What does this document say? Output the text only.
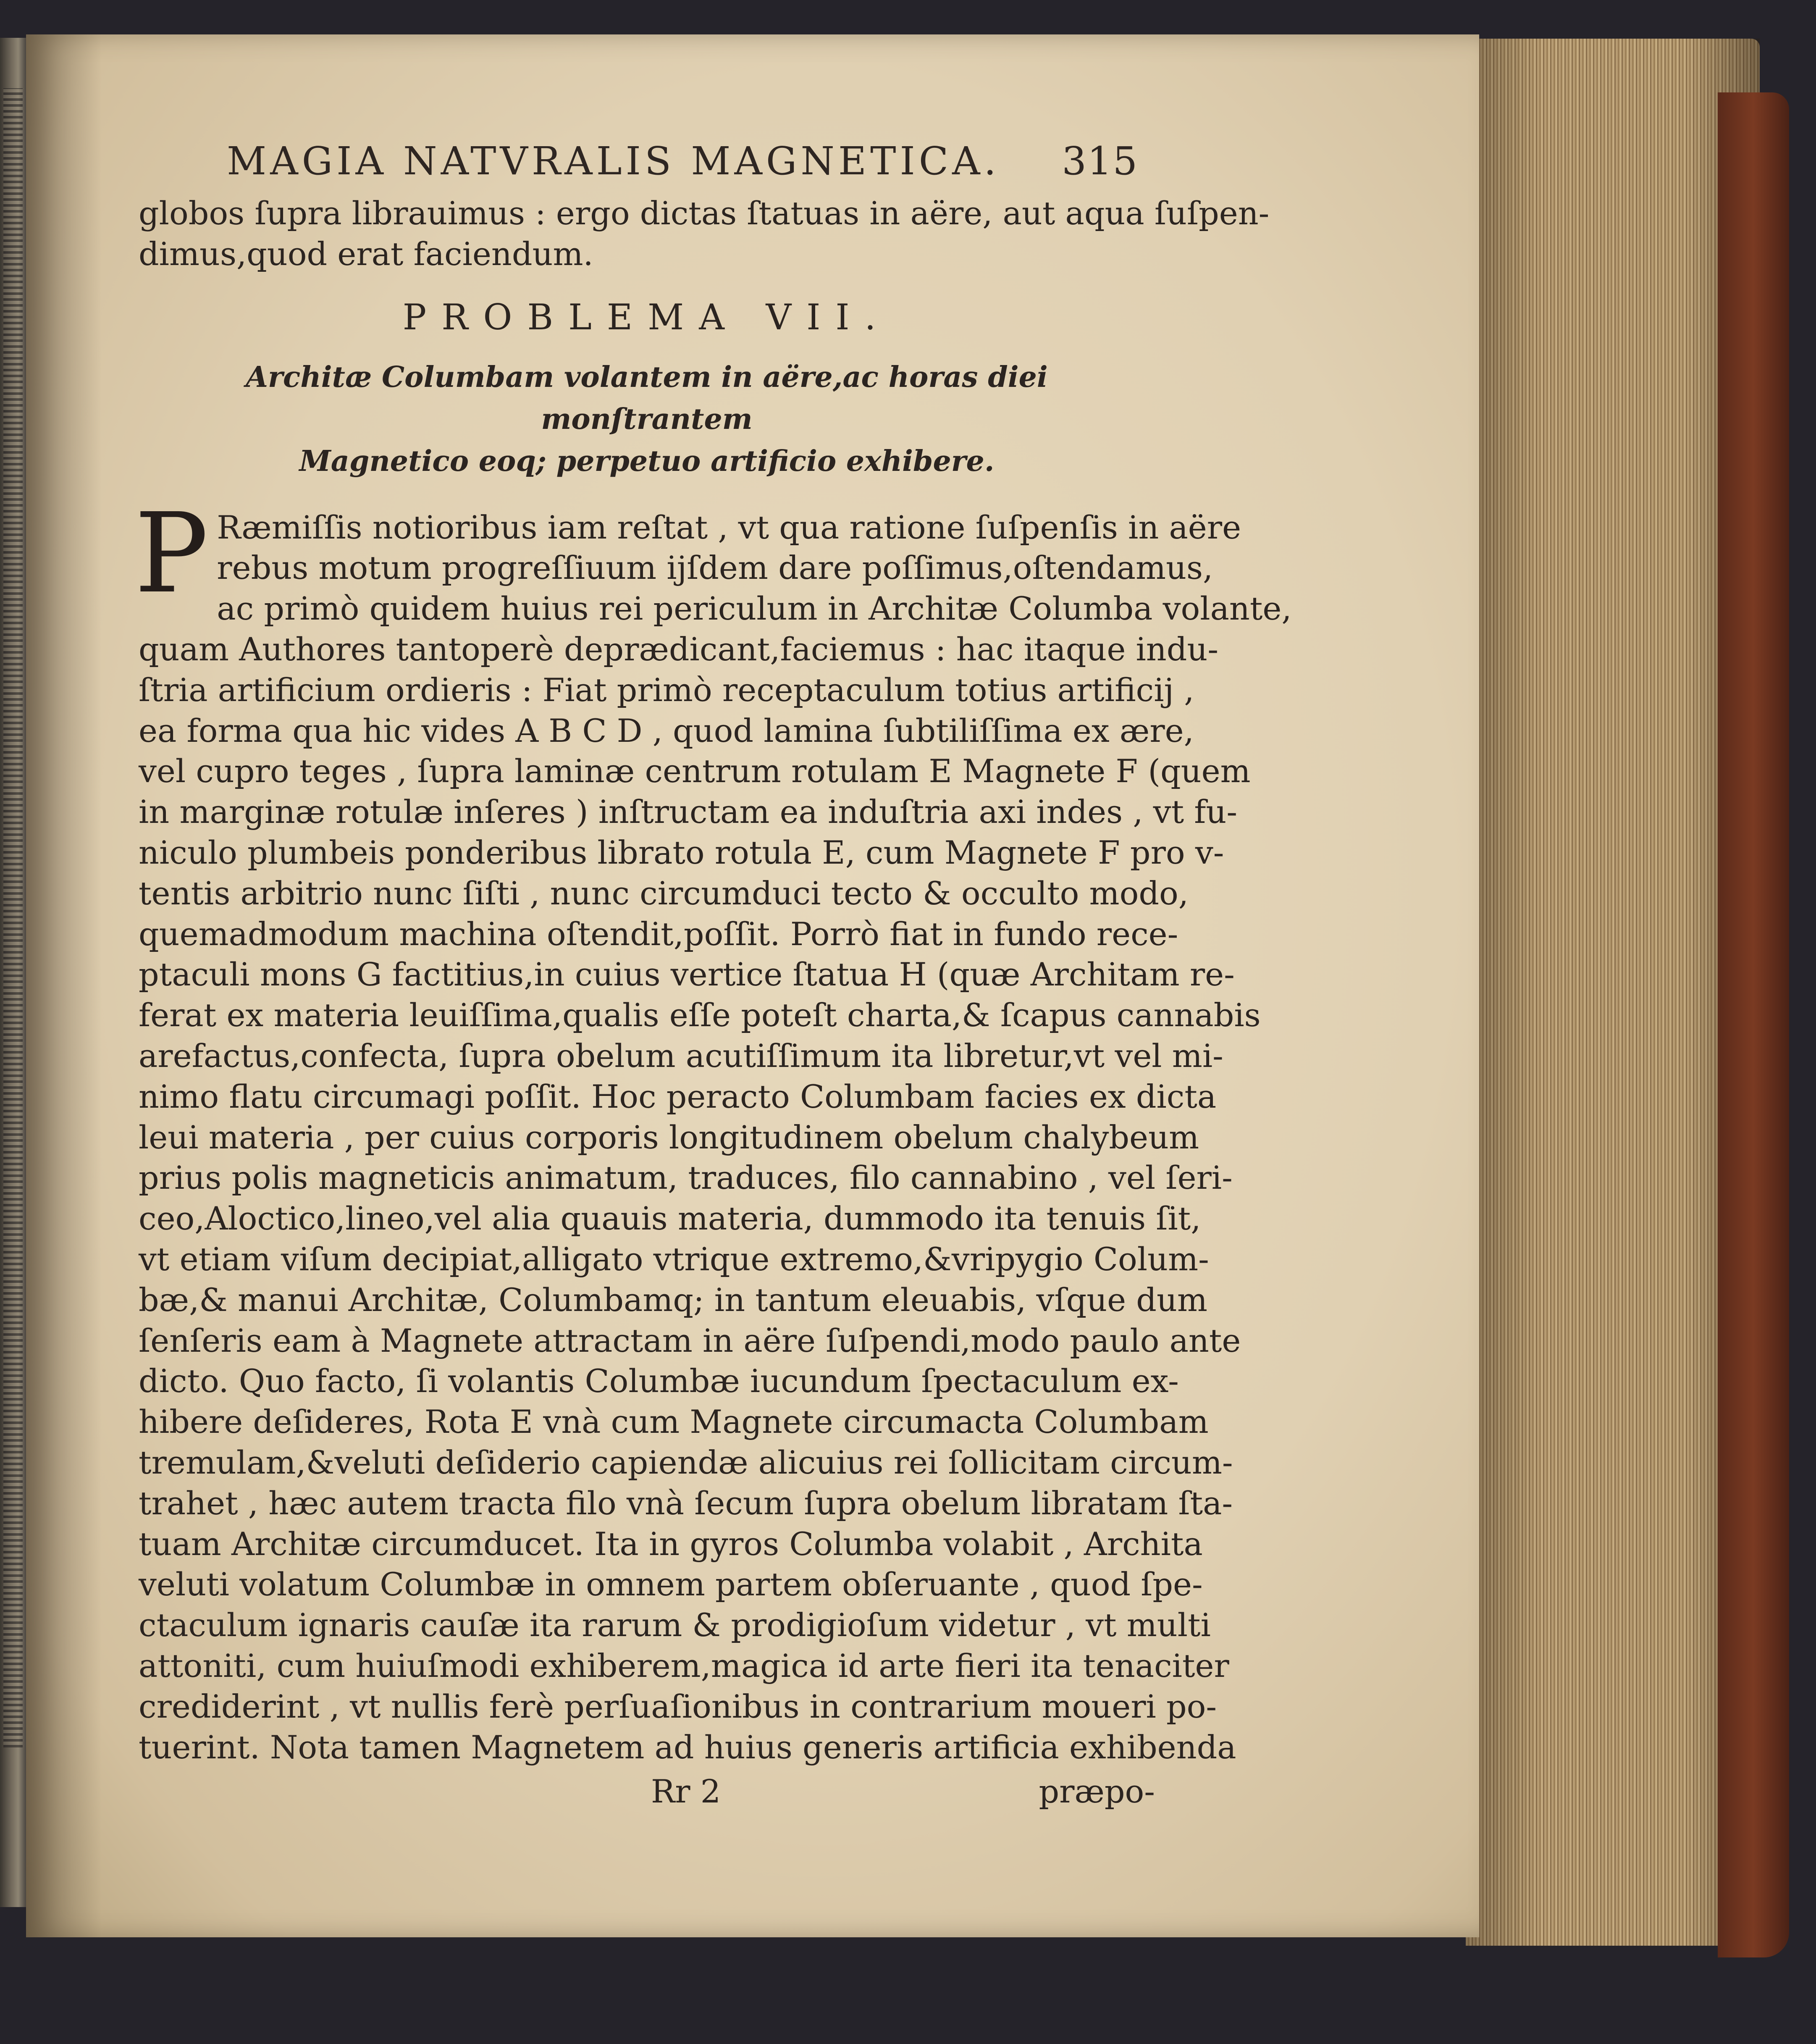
MAGIA NATVRALIS MAGNETICA. 315
globos ſupra librauimus : ergo dictas ſtatuas in aëre, aut aqua ſuſpen-
dimus,quod erat faciendum.
PROBLEMA VII.
Architæ Columbam volantem in aëre,ac horas diei monſtrantem
Magnetico eoq; perpetuo artificio exhibere.
P Ræmiſſis notioribus iam reſtat , vt qua ratione ſuſpenſis in aëre
rebus motum progreſſiuum ijſdem dare poſſimus,oſtendamus,
ac primò quidem huius rei periculum in Architæ Columba volante,
quam Authores tantoperè deprædicant,faciemus : hac itaque indu-
ſtria artificium ordieris : Fiat primò receptaculum totius artificij ,
ea forma qua hic vides A B C D , quod lamina ſubtiliſſima ex ære,
vel cupro teges , ſupra laminæ centrum rotulam E Magnete F (quem
in marginæ rotulæ inſeres ) inſtructam ea induſtria axi indes , vt fu-
niculo plumbeis ponderibus librato rotula E, cum Magnete F pro v-
tentis arbitrio nunc ſiſti , nunc circumduci tecto & occulto modo,
quemadmodum machina oſtendit,poſſit. Porrò fiat in fundo rece-
ptaculi mons G factitius,in cuius vertice ſtatua H (quæ Architam re-
ferat ex materia leuiſſima,qualis eſſe poteſt charta,& ſcapus cannabis
arefactus,confecta, ſupra obelum acutiſſimum ita libretur,vt vel mi-
nimo flatu circumagi poſſit. Hoc peracto Columbam facies ex dicta
leui materia , per cuius corporis longitudinem obelum chalybeum
prius polis magneticis animatum, traduces, filo cannabino , vel ſeri-
ceo,Aloctico,lineo,vel alia quauis materia, dummodo ita tenuis ſit,
vt etiam viſum decipiat,alligato vtrique extremo,&vripygio Colum-
bæ,& manui Architæ, Columbamq; in tantum eleuabis, vſque dum
ſenſeris eam à Magnete attractam in aëre ſuſpendi,modo paulo ante
dicto. Quo facto, ſi volantis Columbæ iucundum ſpectaculum ex-
hibere deſideres, Rota E vnà cum Magnete circumacta Columbam
tremulam,&veluti deſiderio capiendæ alicuius rei ſollicitam circum-
trahet , hæc autem tracta filo vnà ſecum ſupra obelum libratam ſta-
tuam Architæ circumducet. Ita in gyros Columba volabit , Archita
veluti volatum Columbæ in omnem partem obſeruante , quod ſpe-
ctaculum ignaris cauſæ ita rarum & prodigioſum videtur , vt multi
attoniti, cum huiuſmodi exhiberem,magica id arte fieri ita tenaciter
crediderint , vt nullis ferè perſuaſionibus in contrarium moueri po-
tuerint. Nota tamen Magnetem ad huius generis artificia exhibenda
Rr 2	præpo-
